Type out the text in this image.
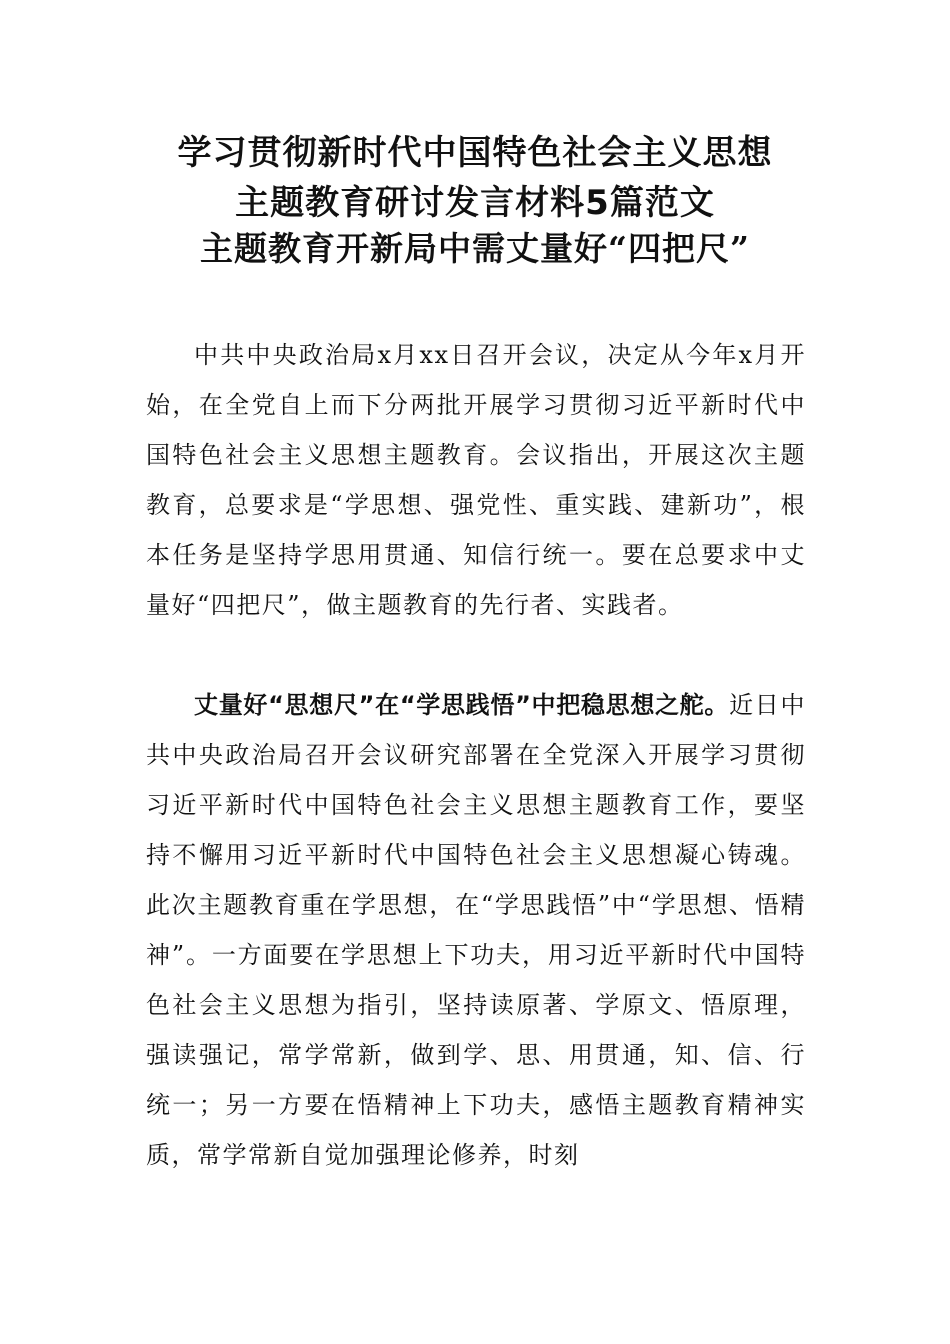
学习贯彻新时代中国特色社会主义思想
主题教育研讨发言材料5篇范文
主题教育开新局中需丈量好“四把尺”

中共中央政治局x月xx日召开会议，决定从今年x月开始，在全党自上而下分两批开展学习贯彻习近平新时代中国特色社会主义思想主题教育。会议指出，开展这次主题教育，总要求是“学思想、强党性、重实践、建新功”，根本任务是坚持学思用贯通、知信行统一。要在总要求中丈量好“四把尺”，做主题教育的先行者、实践者。

丈量好“思想尺”在“学思践悟”中把稳思想之舵。近日中共中央政治局召开会议研究部署在全党深入开展学习贯彻习近平新时代中国特色社会主义思想主题教育工作，要坚持不懈用习近平新时代中国特色社会主义思想凝心铸魂。此次主题教育重在学思想，在“学思践悟”中“学思想、悟精神”。一方面要在学思想上下功夫，用习近平新时代中国特色社会主义思想为指引，坚持读原著、学原文、悟原理，强读强记，常学常新，做到学、思、用贯通，知、信、行统一；另一方要在悟精神上下功夫，感悟主题教育精神实质，常学常新自觉加强理论修养，时刻
